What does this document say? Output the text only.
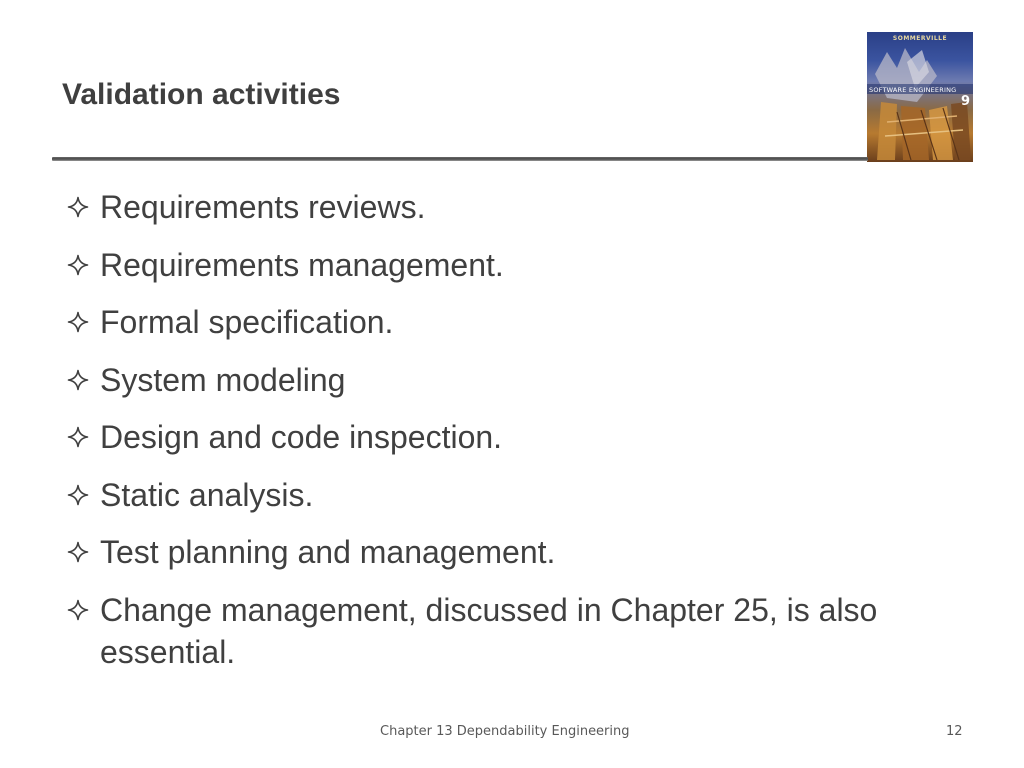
Validation activities
SOMMERVILLE
SOFTWARE ENGINEERING
9
Requirements reviews.
Requirements management.
Formal specification.
System modeling
Design and code inspection.
Static analysis.
Test planning and management.
Change management, discussed in Chapter 25, is also essential.
Chapter 13 Dependability Engineering	12
